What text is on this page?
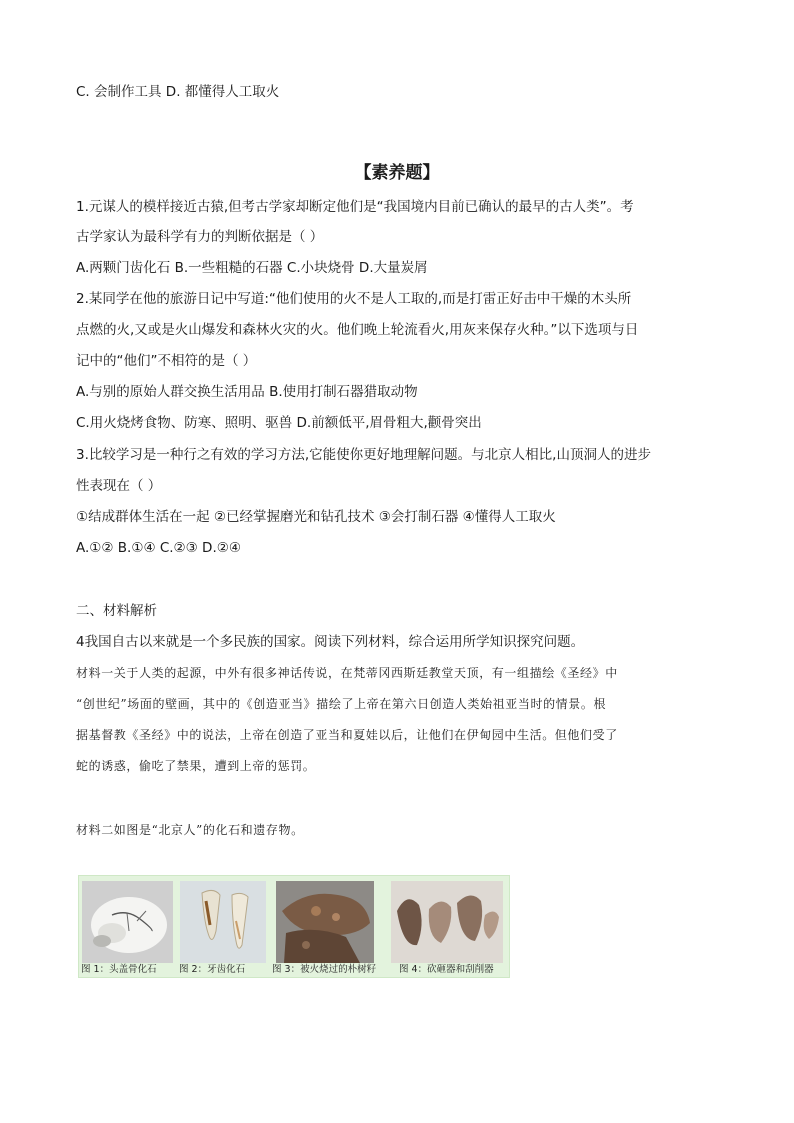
C. 会制作工具 D. 都懂得人工取火
【素养题】
1.元谋人的模样接近古猿,但考古学家却断定他们是“我国境内目前已确认的最早的古人类”。考
古学家认为最科学有力的判断依据是（ ）
A.两颗门齿化石 B.一些粗糙的石器 C.小块烧骨 D.大量炭屑
2.某同学在他的旅游日记中写道:“他们使用的火不是人工取的,而是打雷正好击中干燥的木头所
点燃的火,又或是火山爆发和森林火灾的火。他们晚上轮流看火,用灰来保存火种。”以下选项与日
记中的“他们”不相符的是（ ）
A.与别的原始人群交换生活用品 B.使用打制石器猎取动物
C.用火烧烤食物、防寒、照明、驱兽 D.前额低平,眉骨粗大,颧骨突出
3.比较学习是一种行之有效的学习方法,它能使你更好地理解问题。与北京人相比,山顶洞人的进步
性表现在（ ）
①结成群体生活在一起 ②已经掌握磨光和钻孔技术 ③会打制石器 ④懂得人工取火
A.①② B.①④ C.②③ D.②④
二、材料解析
4我国自古以来就是一个多民族的国家。阅读下列材料，综合运用所学知识探究问题。
材料一关于人类的起源，中外有很多神话传说，在梵蒂冈西斯廷教堂天顶，有一组描绘《圣经》中
“创世纪”场面的壁画，其中的《创造亚当》描绘了上帝在第六日创造人类始祖亚当时的情景。根
据基督教《圣经》中的说法，上帝在创造了亚当和夏娃以后，让他们在伊甸园中生活。但他们受了
蛇的诱惑，偷吃了禁果，遭到上帝的惩罚。
材料二如图是“北京人”的化石和遗存物。
图 1：头盖骨化石 图 2：牙齿化石	图 3：被火烧过的朴树籽 图 4：砍砸器和刮削器
